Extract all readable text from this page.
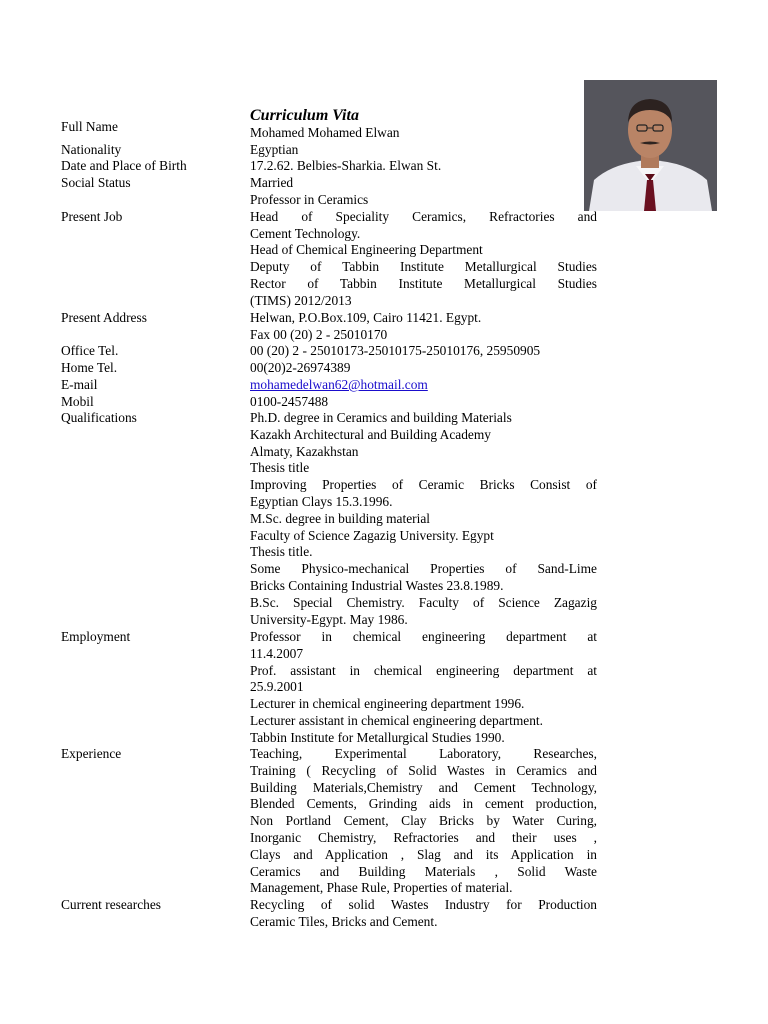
Curriculum Vita
Full Name
Nationality
Date and Place of Birth
Social Status
Present Job
Present Address
Office Tel.
Home Tel.
E-mail
Mobil
Qualifications
Employment
Experience
Current researches
Mohamed Mohamed Elwan
Egyptian
17.2.62. Belbies-Sharkia. Elwan St.
Married
Professor in Ceramics
Head of Speciality Ceramics, Refractories and
Cement Technology.
Head of Chemical Engineering Department
Deputy of Tabbin Institute Metallurgical Studies
Rector of Tabbin Institute Metallurgical Studies
(TIMS) 2012/2013
Helwan, P.O.Box.109, Cairo 11421. Egypt.
Fax 00 (20) 2 - 25010170
00 (20) 2 - 25010173-25010175-25010176, 25950905
00(20)2-26974389
mohamedelwan62@hotmail.com
0100-2457488
Ph.D. degree in Ceramics and building Materials
Kazakh Architectural and Building Academy
Almaty, Kazakhstan
Thesis title
Improving Properties of Ceramic Bricks Consist of
Egyptian Clays 15.3.1996.
M.Sc. degree in building material
Faculty of Science Zagazig University. Egypt
Thesis title.
Some Physico-mechanical Properties of Sand-Lime
Bricks Containing Industrial Wastes 23.8.1989.
B.Sc. Special Chemistry. Faculty of Science Zagazig
University-Egypt. May 1986.
Professor in chemical engineering department at
11.4.2007
Prof. assistant in chemical engineering department at
25.9.2001
Lecturer in chemical engineering department 1996.
Lecturer assistant in chemical engineering department.
Tabbin Institute for Metallurgical Studies 1990.
Teaching, Experimental Laboratory, Researches,
Training ( Recycling of Solid Wastes in Ceramics and
Building Materials,Chemistry and Cement Technology,
Blended Cements, Grinding aids in cement production,
Non Portland Cement, Clay Bricks by Water Curing,
Inorganic Chemistry, Refractories and their uses ,
Clays and Application , Slag and its Application in
Ceramics and Building Materials , Solid Waste
Management, Phase Rule, Properties of material.
Recycling of solid Wastes Industry for Production
Ceramic Tiles, Bricks and Cement.
